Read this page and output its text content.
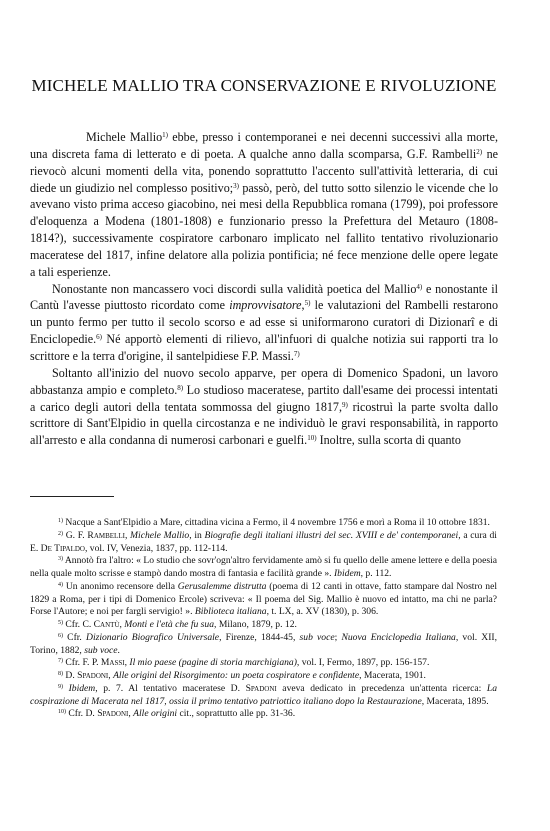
MICHELE MALLIO TRA CONSERVAZIONE E RIVOLUZIONE

Michele Mallio$^{1)}$ ebbe, presso i contemporanei e nei decenni successivi alla morte, una discreta fama di letterato e di poeta. A qualche anno dalla scomparsa, G.F. Rambelli$^{2)}$ ne rievocò alcuni momenti della vita, ponendo soprattutto l'accento sull'attività letteraria, di cui diede un giudizio nel complesso positivo;$^{3)}$ passò, però, del tutto sotto silenzio le vicende che lo avevano visto prima acceso giacobino, nei mesi della Repubblica romana (1799), poi professore d'eloquenza a Modena (1801-1808) e funzionario presso la Prefettura del Metauro (1808-1814?), successivamente cospiratore carbonaro implicato nel fallito tentativo rivoluzionario maceratese del 1817, infine delatore alla polizia pontificia; né fece menzione delle opere legate a tali esperienze.

Nonostante non mancassero voci discordi sulla validità poetica del Mallio$^{4)}$ e nonostante il Cantù l'avesse piuttosto ricordato come improvvisatore,$^{5)}$ le valutazioni del Rambelli restarono un punto fermo per tutto il secolo scorso e ad esse si uniformarono curatori di Dizionarî e di Enciclopedie.$^{6)}$ Né apportò elementi di rilievo, all'infuori di qualche notizia sui rapporti tra lo scrittore e la terra d'origine, il santelpidiese F.P. Massi.$^{7)}$

Soltanto all'inizio del nuovo secolo apparve, per opera di Domenico Spadoni, un lavoro abbastanza ampio e completo.$^{8)}$ Lo studioso maceratese, partito dall'esame dei processi intentati a carico degli autori della tentata sommossa del giugno 1817,$^{9)}$ ricostruì la parte svolta dallo scrittore di Sant'Elpidio in quella circostanza e ne individuò le gravi responsabilità, in rapporto all'arresto e alla condanna di numerosi carbonari e guelfi.$^{10)}$ Inoltre, sulla scorta di quanto

$^{1)}$ Nacque a Sant'Elpidio a Mare, cittadina vicina a Fermo, il 4 novembre 1756 e morì a Roma il 10 ottobre 1831.

$^{2)}$ G. F. Rambelli, Michele Mallio, in Biografie degli italiani illustri del sec. XVIII e de' contemporanei, a cura di E. De Tipaldo, vol. IV, Venezia, 1837, pp. 112-114.

$^{3)}$ Annotò fra l'altro: « Lo studio che sovr'ogn'altro fervidamente amò si fu quello delle amene lettere e della poesia nella quale molto scrisse e stampò dando mostra di fantasia e facilità grande ». Ibidem, p. 112.

$^{4)}$ Un anonimo recensore della Gerusalemme distrutta (poema di 12 canti in ottave, fatto stampare dal Nostro nel 1829 a Roma, per i tipi di Domenico Ercole) scriveva: « Il poema del Sig. Mallio è nuovo ed intatto, ma chi ne parla? Forse l'Autore; e noi per fargli servigio! ». Biblioteca italiana, t. LX, a. XV (1830), p. 306.

$^{5)}$ Cfr. C. Cantù, Monti e l'età che fu sua, Milano, 1879, p. 12.

$^{6)}$ Cfr. Dizionario Biografico Universale, Firenze, 1844-45, sub voce; Nuova Enciclopedia Italiana, vol. XII, Torino, 1882, sub voce.

$^{7)}$ Cfr. F. P. Massi, Il mio paese (pagine di storia marchigiana), vol. I, Fermo, 1897, pp. 156-157.

$^{8)}$ D. Spadoni, Alle origini del Risorgimento: un poeta cospiratore e confidente, Macerata, 1901.

$^{9)}$ Ibidem, p. 7. Al tentativo maceratese D. Spadoni aveva dedicato in precedenza un'attenta ricerca: La cospirazione di Macerata nel 1817, ossia il primo tentativo patriottico italiano dopo la Restaurazione, Macerata, 1895.

$^{10)}$ Cfr. D. Spadoni, Alle origini cit., soprattutto alle pp. 31-36.
